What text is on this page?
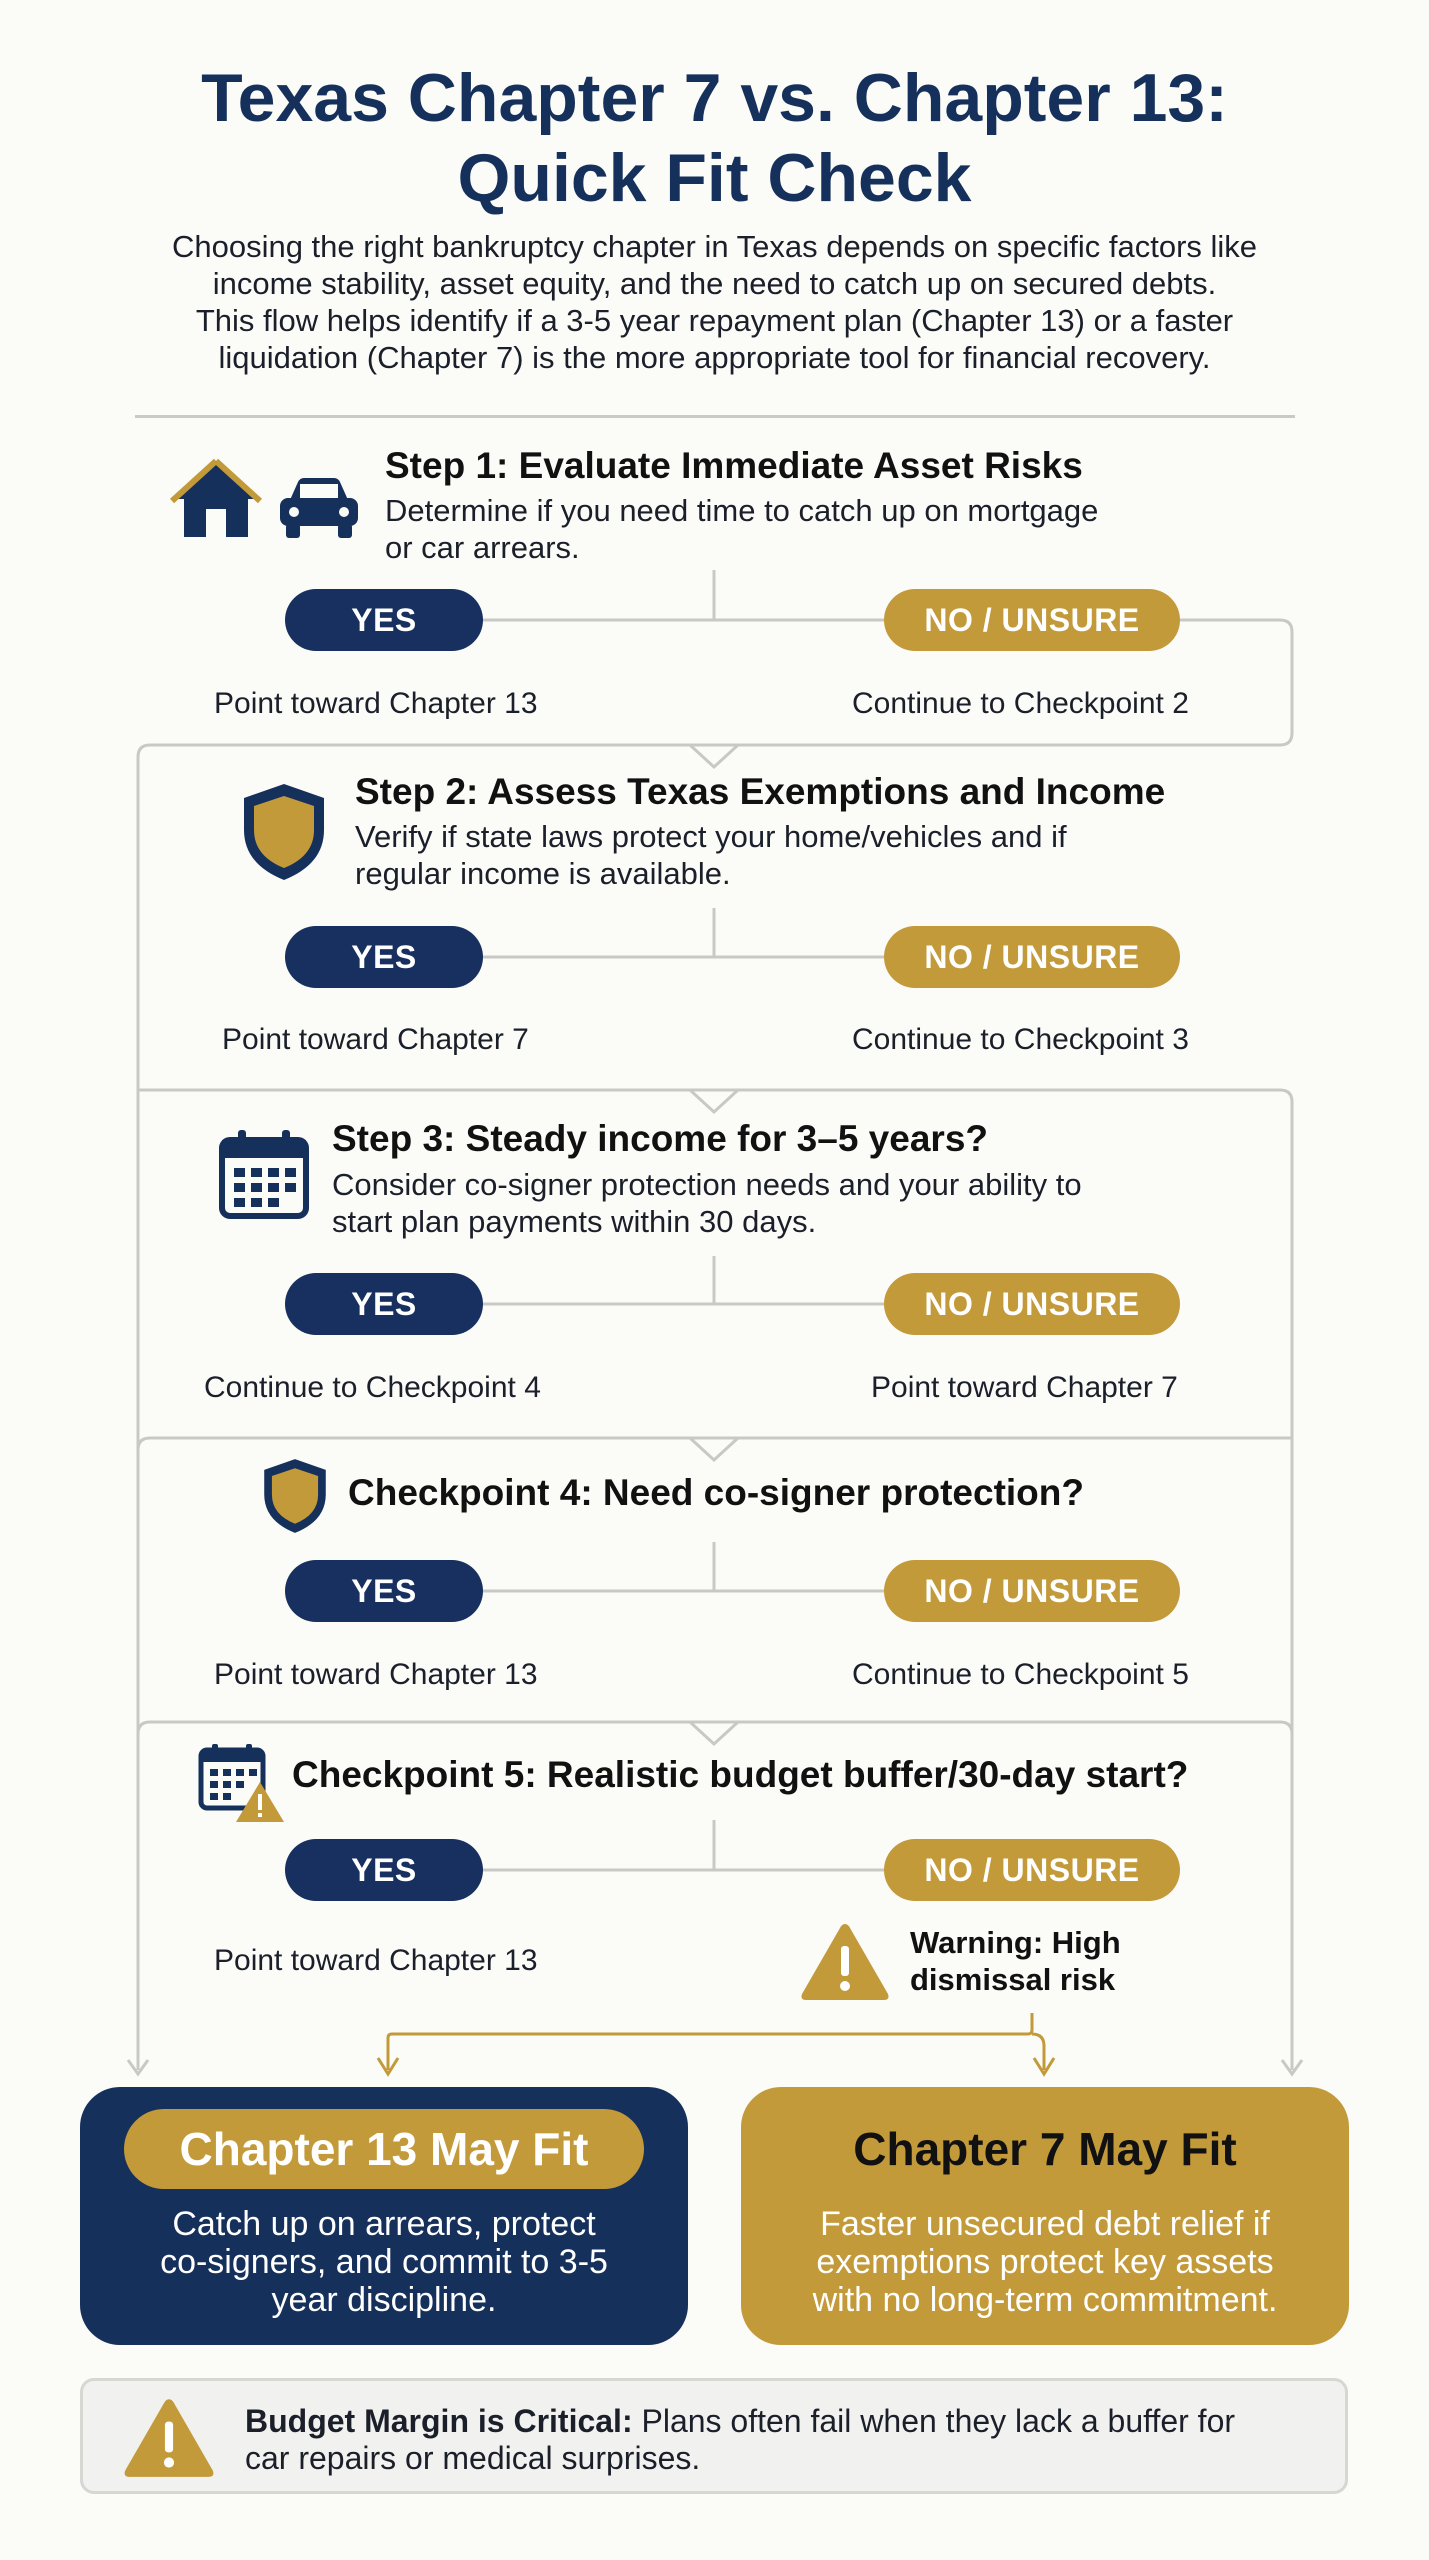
Texas Chapter 7 vs. Chapter 13:
Quick Fit Check
Choosing the right bankruptcy chapter in Texas depends on specific factors like
income stability, asset equity, and the need to catch up on secured debts.
This flow helps identify if a 3-5 year repayment plan (Chapter 13) or a faster
liquidation (Chapter 7) is the more appropriate tool for financial recovery.
Step 1: Evaluate Immediate Asset Risks
Determine if you need time to catch up on mortgage
or car arrears.
YES	NO / UNSURE
Point toward Chapter 13	Continue to Checkpoint 2
Step 2: Assess Texas Exemptions and Income
Verify if state laws protect your home/vehicles and if
regular income is available.
YES	NO / UNSURE
Point toward Chapter 7	Continue to Checkpoint 3
Step 3: Steady income for 3–5 years?
Consider co-signer protection needs and your ability to
start plan payments within 30 days.
YES	NO / UNSURE
Continue to Checkpoint 4	Point toward Chapter 7
Checkpoint 4: Need co-signer protection?
YES	NO / UNSURE
Point toward Chapter 13	Continue to Checkpoint 5
Checkpoint 5: Realistic budget buffer/30-day start?
YES	NO / UNSURE
Point toward Chapter 13
Warning: High
dismissal risk
Chapter 13 May Fit
Catch up on arrears, protect
co-signers, and commit to 3-5
year discipline.
Chapter 7 May Fit
Faster unsecured debt relief if
exemptions protect key assets
with no long-term commitment.
Budget Margin is Critical: Plans often fail when they lack a buffer for
car repairs or medical surprises.
